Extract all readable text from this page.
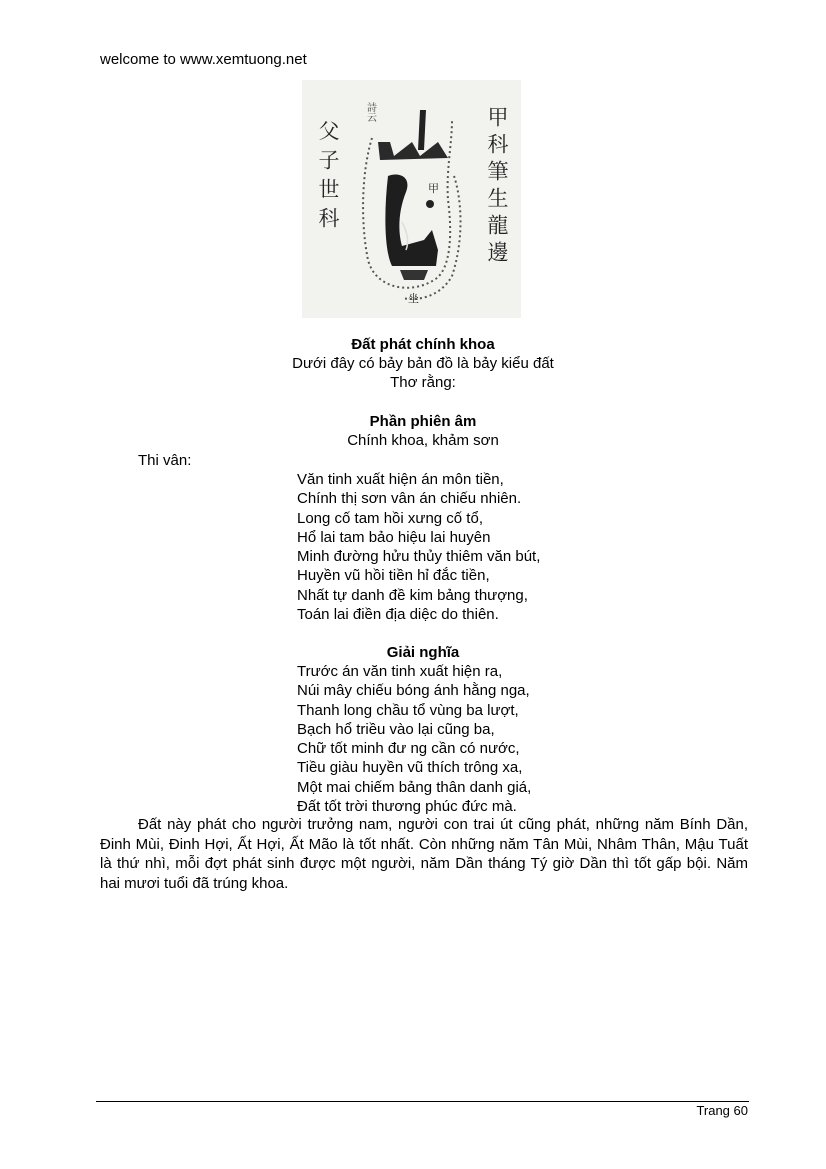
welcome to www.xemtuong.net
父子世科	甲科筆生龍邊
詩云
甲
坐
Đất phát chính khoa
Dưới đây có bảy bản đồ là bảy kiểu đất
Thơ rằng:
Phần phiên âm
Chính khoa, khảm sơn
Thi vân:
Văn tinh xuất hiện án môn tiền,
Chính thị sơn vân án chiếu nhiên.
Long cố tam hồi xưng cố tổ,
Hổ lai tam bảo hiệu lai huyên
Minh đường hửu thủy thiêm văn bút,
Huyền vũ hồi tiền hỉ đắc tiền,
Nhất tự danh đề kim bảng thượng,
Toán lai điền địa diệc do thiên.
Giải nghĩa
Trước án văn tinh xuất hiện ra,
Núi mây chiếu bóng ánh hằng nga,
Thanh long chầu tổ vùng ba lượt,
Bạch hổ triều vào lại cũng ba,
Chữ tốt minh đư ng cần có nước,
Tiều giàu huyền vũ thích trông xa,
Một mai chiếm bảng thân danh giá,
Đất tốt trời thương phúc đức mà.
Đất này phát cho người trưởng nam, người con trai út cũng phát, những năm Bính Dần, Đinh Mùi, Đinh Hợi, Ất Hợi, Ất Mão là tốt nhất. Còn những năm Tân Mùi, Nhâm Thân, Mậu Tuất là thứ nhì, mỗi đợt phát sinh được một người, năm Dần tháng Tý giờ Dần thì tốt gấp bội. Năm hai mươi tuổi đã trúng khoa.
Trang 60
